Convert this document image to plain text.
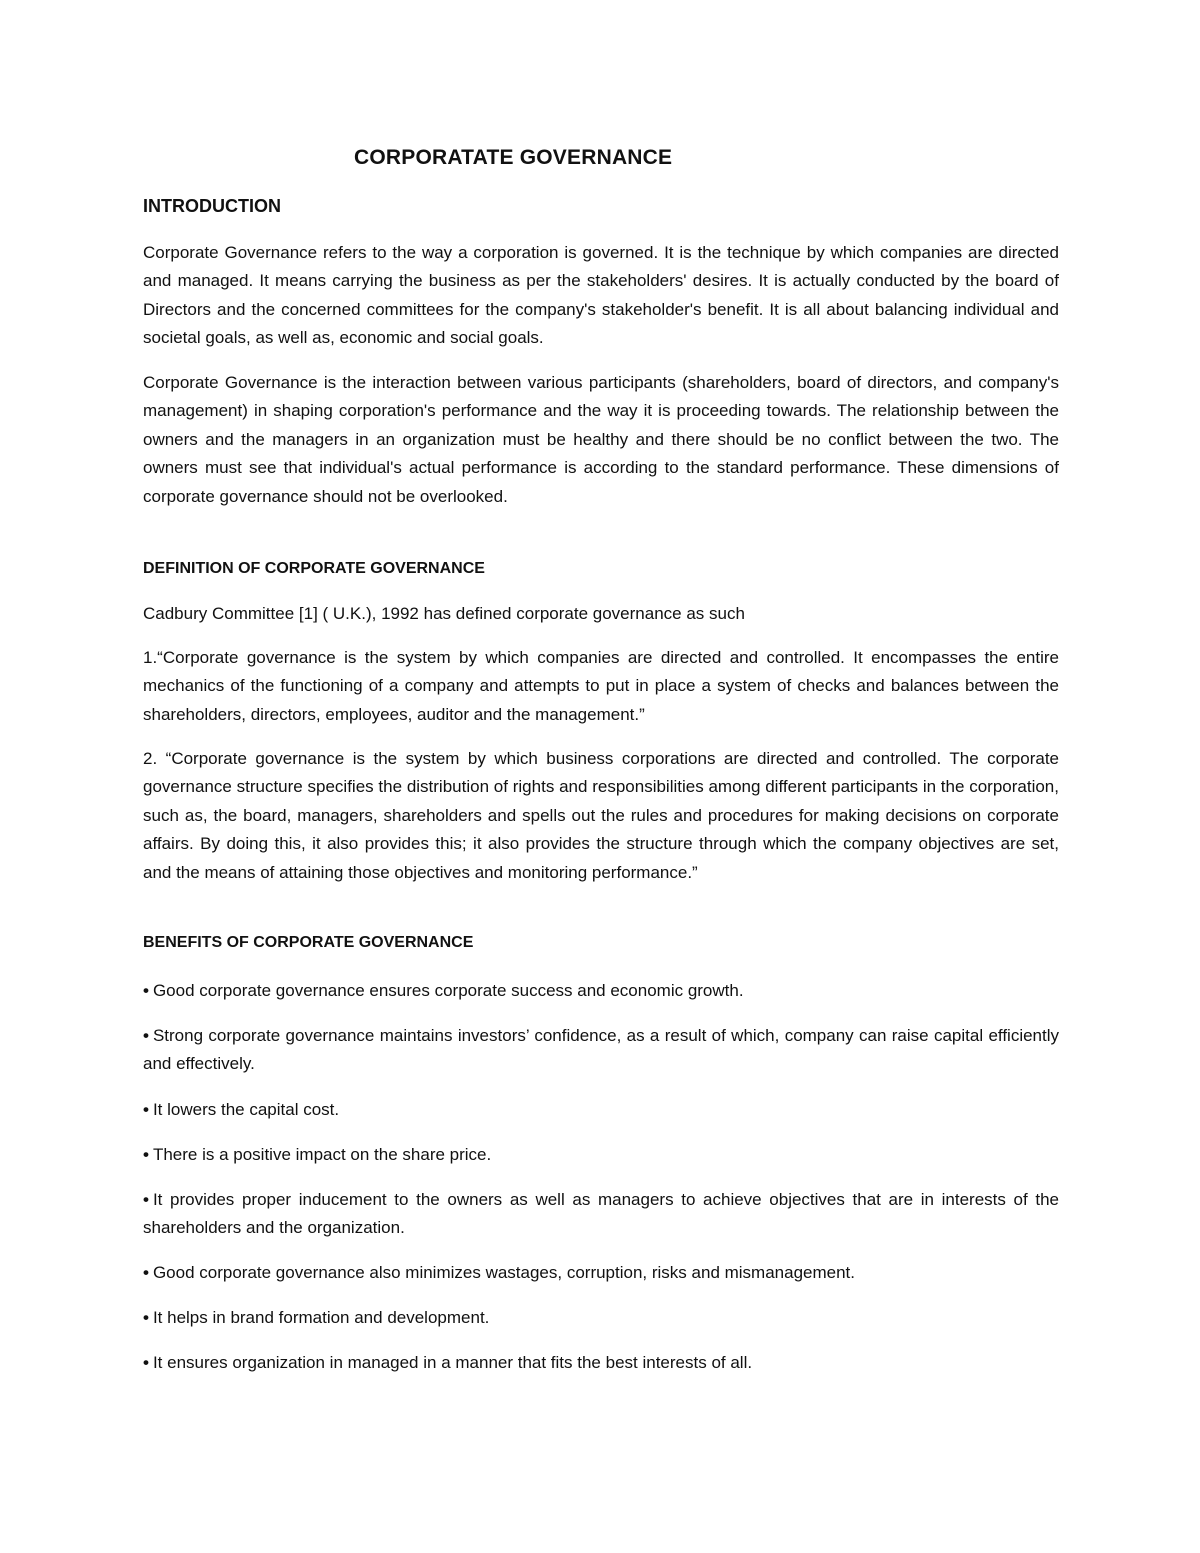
CORPORATATE GOVERNANCE
INTRODUCTION

Corporate Governance refers to the way a corporation is governed. It is the technique by which companies are directed and managed. It means carrying the business as per the stakeholders' desires. It is actually conducted by the board of Directors and the concerned committees for the company's stakeholder's benefit. It is all about balancing individual and societal goals, as well as, economic and social goals.

Corporate Governance is the interaction between various participants (shareholders, board of directors, and company's management) in shaping corporation's performance and the way it is proceeding towards. The relationship between the owners and the managers in an organization must be healthy and there should be no conflict between the two. The owners must see that individual's actual performance is according to the standard performance. These dimensions of corporate governance should not be overlooked.

DEFINITION OF CORPORATE GOVERNANCE

Cadbury Committee [1] ( U.K.), 1992 has defined corporate governance as such

1.“Corporate governance is the system by which companies are directed and controlled. It encompasses the entire mechanics of the functioning of a company and attempts to put in place a system of checks and balances between the shareholders, directors, employees, auditor and the management.”

2. “Corporate governance is the system by which business corporations are directed and controlled. The corporate governance structure specifies the distribution of rights and responsibilities among different participants in the corporation, such as, the board, managers, shareholders and spells out the rules and procedures for making decisions on corporate affairs. By doing this, it also provides this; it also provides the structure through which the company objectives are set, and the means of attaining those objectives and monitoring performance.”

BENEFITS OF CORPORATE GOVERNANCE

• Good corporate governance ensures corporate success and economic growth.

• Strong corporate governance maintains investors’ confidence, as a result of which, company can raise capital efficiently and effectively.

• It lowers the capital cost.

• There is a positive impact on the share price.

• It provides proper inducement to the owners as well as managers to achieve objectives that are in interests of the shareholders and the organization.

• Good corporate governance also minimizes wastages, corruption, risks and mismanagement.

• It helps in brand formation and development.

• It ensures organization in managed in a manner that fits the best interests of all.
